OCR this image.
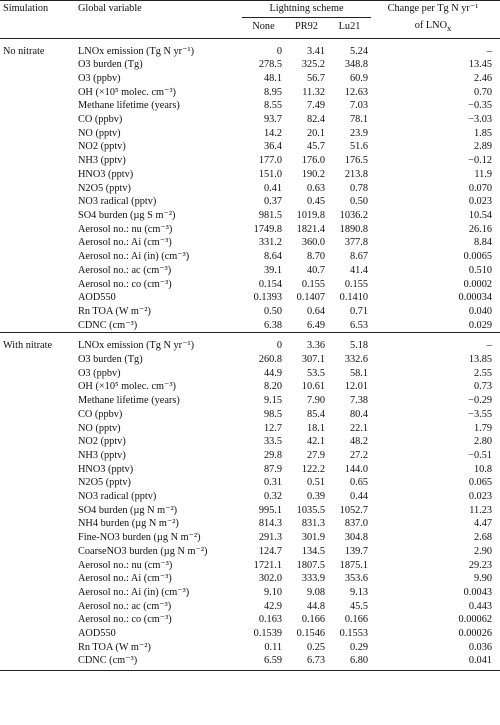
Simulation	Global variable	Lightning scheme			Change per Tg N yr⁻¹
		None	PR92	Lu21	of $LNO_x$

No nitrate	LNOx emission (Tg N yr⁻¹)	0	3.41	5.24	–
	O3 burden (Tg)	278.5	325.2	348.8	13.45
	O3 (ppbv)	48.1	56.7	60.9	2.46
	OH (×10⁵ molec. cm⁻³)	8.95	11.32	12.63	0.70
	Methane lifetime (years)	8.55	7.49	7.03	−0.35
	CO (ppbv)	93.7	82.4	78.1	−3.03
	NO (pptv)	14.2	20.1	23.9	1.85
	NO2 (pptv)	36.4	45.7	51.6	2.89
	NH3 (pptv)	177.0	176.0	176.5	−0.12
	HNO3 (pptv)	151.0	190.2	213.8	11.9
	N2O5 (pptv)	0.41	0.63	0.78	0.070
	NO3 radical (pptv)	0.37	0.45	0.50	0.023
	SO4 burden (µg S m⁻²)	981.5	1019.8	1036.2	10.54
	Aerosol no.: nu (cm⁻³)	1749.8	1821.4	1890.8	26.16
	Aerosol no.: Ai (cm⁻³)	331.2	360.0	377.8	8.84
	Aerosol no.: Ai (in) (cm⁻³)	8.64	8.70	8.67	0.0065
	Aerosol no.: ac (cm⁻³)	39.1	40.7	41.4	0.510
	Aerosol no.: co (cm⁻³)	0.154	0.155	0.155	0.0002
	AOD550	0.1393	0.1407	0.1410	0.00034
	Rn TOA (W m⁻²)	0.50	0.64	0.71	0.040
	CDNC (cm⁻³)	6.38	6.49	6.53	0.029

With nitrate	LNOx emission (Tg N yr⁻¹)	0	3.36	5.18	–
	O3 burden (Tg)	260.8	307.1	332.6	13.85
	O3 (ppbv)	44.9	53.5	58.1	2.55
	OH (×10⁵ molec. cm⁻³)	8.20	10.61	12.01	0.73
	Methane lifetime (years)	9.15	7.90	7.38	−0.29
	CO (ppbv)	98.5	85.4	80.4	−3.55
	NO (pptv)	12.7	18.1	22.1	1.79
	NO2 (pptv)	33.5	42.1	48.2	2.80
	NH3 (pptv)	29.8	27.9	27.2	−0.51
	HNO3 (pptv)	87.9	122.2	144.0	10.8
	N2O5 (pptv)	0.31	0.51	0.65	0.065
	NO3 radical (pptv)	0.32	0.39	0.44	0.023
	SO4 burden (µg N m⁻²)	995.1	1035.5	1052.7	11.23
	NH4 burden (µg N m⁻²)	814.3	831.3	837.0	4.47
	Fine-NO3 burden (µg N m⁻²)	291.3	301.9	304.8	2.68
	CoarseNO3 burden (µg N m⁻²)	124.7	134.5	139.7	2.90
	Aerosol no.: nu (cm⁻³)	1721.1	1807.5	1875.1	29.23
	Aerosol no.: Ai (cm⁻³)	302.0	333.9	353.6	9.90
	Aerosol no.: Ai (in) (cm⁻³)	9.10	9.08	9.13	0.0043
	Aerosol no.: ac (cm⁻³)	42.9	44.8	45.5	0.443
	Aerosol no.: co (cm⁻³)	0.163	0.166	0.166	0.00062
	AOD550	0.1539	0.1546	0.1553	0.00026
	Rn TOA (W m⁻²)	0.11	0.25	0.29	0.036
	CDNC (cm⁻³)	6.59	6.73	6.80	0.041
